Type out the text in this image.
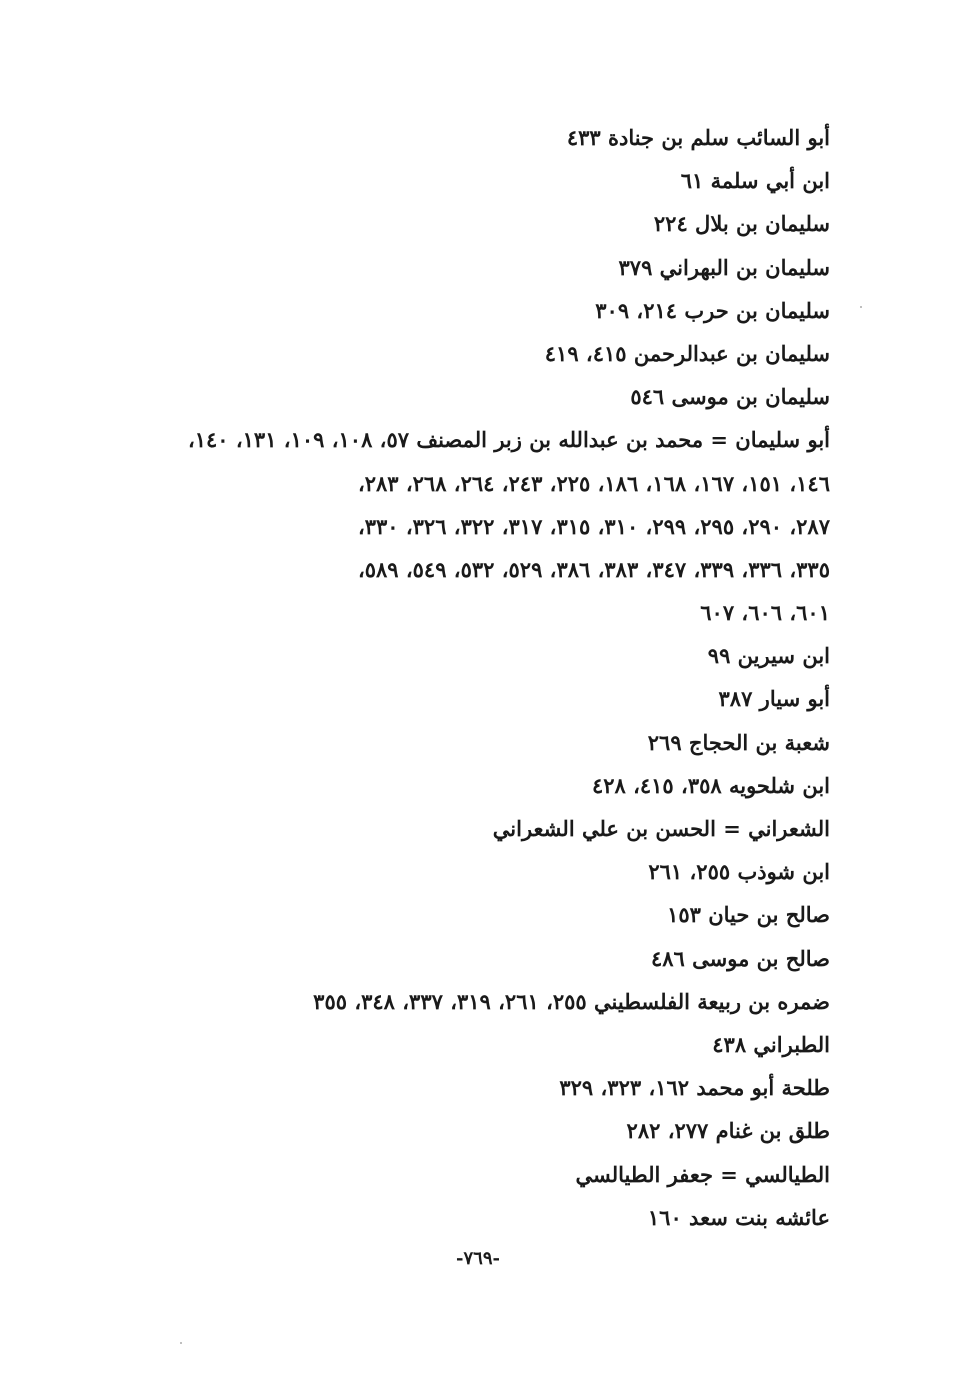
أبو السائب سلم بن جنادة ٤٣٣
ابن أبي سلمة ٦١
سليمان بن بلال ٢٢٤
سليمان بن البهراني ٣٧٩
سليمان بن حرب ٢١٤، ٣٠٩
سليمان بن عبدالرحمن ٤١٥، ٤١٩
سليمان بن موسى ٥٤٦
أبو سليمان = محمد بن عبدالله بن زبر المصنف ٥٧، ١٠٨، ١٠٩، ١٣١، ١٤٠،
١٤٦، ١٥١، ١٦٧، ١٦٨، ١٨٦، ٢٢٥، ٢٤٣، ٢٦٤، ٢٦٨، ٢٨٣،
٢٨٧، ٢٩٠، ٢٩٥، ٢٩٩، ٣١٠، ٣١٥، ٣١٧، ٣٢٢، ٣٢٦، ٣٣٠،
٣٣٥، ٣٣٦، ٣٣٩، ٣٤٧، ٣٨٣، ٣٨٦، ٥٢٩، ٥٣٢، ٥٤٩، ٥٨٩،
٦٠١، ٦٠٦، ٦٠٧
ابن سيرين ٩٩
أبو سيار ٣٨٧
شعبة بن الحجاج ٢٦٩
ابن شلحويه ٣٥٨، ٤١٥، ٤٢٨
الشعراني = الحسن بن علي الشعراني
ابن شوذب ٢٥٥، ٢٦١
صالح بن حيان ١٥٣
صالح بن موسى ٤٨٦
ضمره بن ربيعة الفلسطيني ٢٥٥، ٢٦١، ٣١٩، ٣٣٧، ٣٤٨، ٣٥٥
الطبراني ٤٣٨
طلحة أبو محمد ١٦٢، ٣٢٣، ٣٢٩
طلق بن غنام ٢٧٧، ٢٨٢
الطيالسي = جعفر الطيالسي
عائشه بنت سعد ١٦٠
-٧٦٩-
